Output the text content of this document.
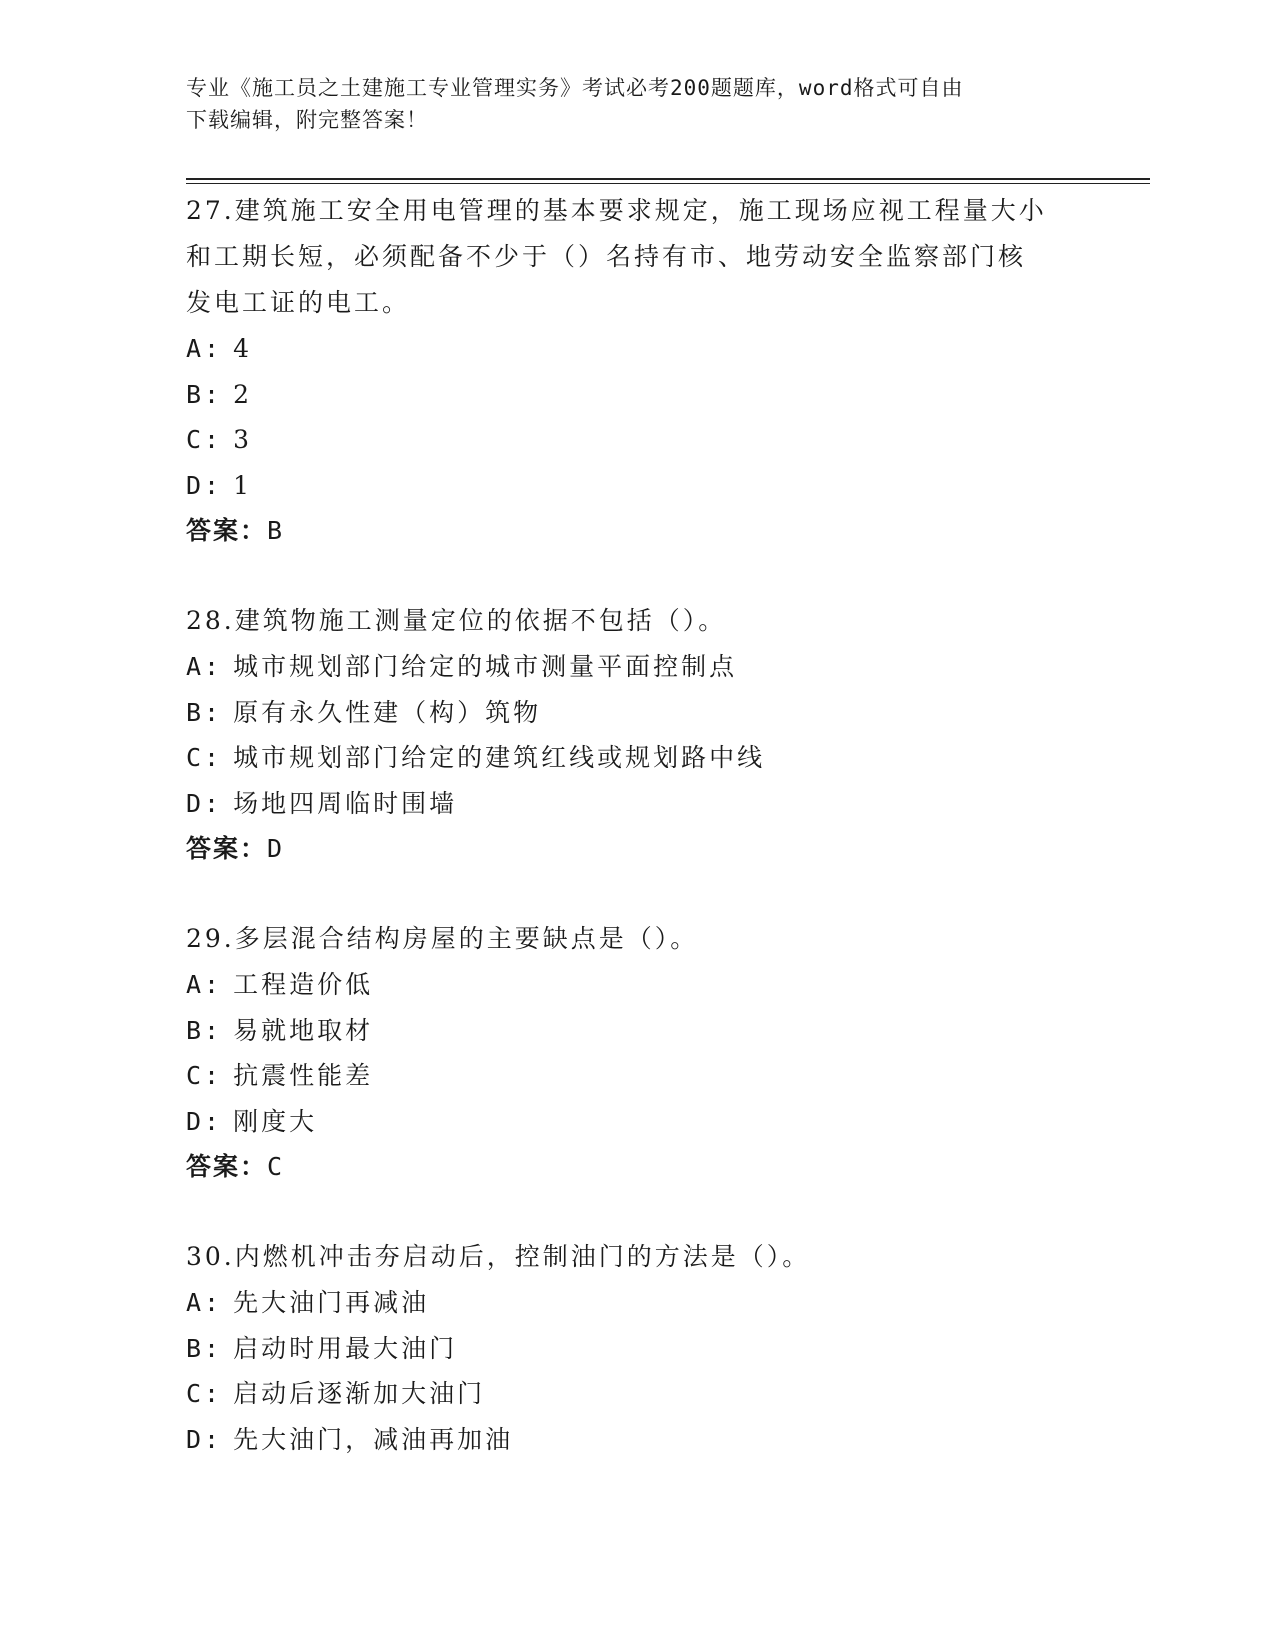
专业《施工员之土建施工专业管理实务》考试必考200题题库，word格式可自由
下载编辑，附完整答案！
27.建筑施工安全用电管理的基本要求规定，施工现场应视工程量大小
和工期长短，必须配备不少于（）名持有市、地劳动安全监察部门核
发电工证的电工。
A: 4
B: 2
C: 3
D: 1
答案：B
28.建筑物施工测量定位的依据不包括（）。
A: 城市规划部门给定的城市测量平面控制点
B: 原有永久性建（构）筑物
C: 城市规划部门给定的建筑红线或规划路中线
D: 场地四周临时围墙
答案：D
29.多层混合结构房屋的主要缺点是（）。
A: 工程造价低
B: 易就地取材
C: 抗震性能差
D: 刚度大
答案：C
30.内燃机冲击夯启动后，控制油门的方法是（）。
A: 先大油门再减油
B: 启动时用最大油门
C: 启动后逐渐加大油门
D: 先大油门，减油再加油
